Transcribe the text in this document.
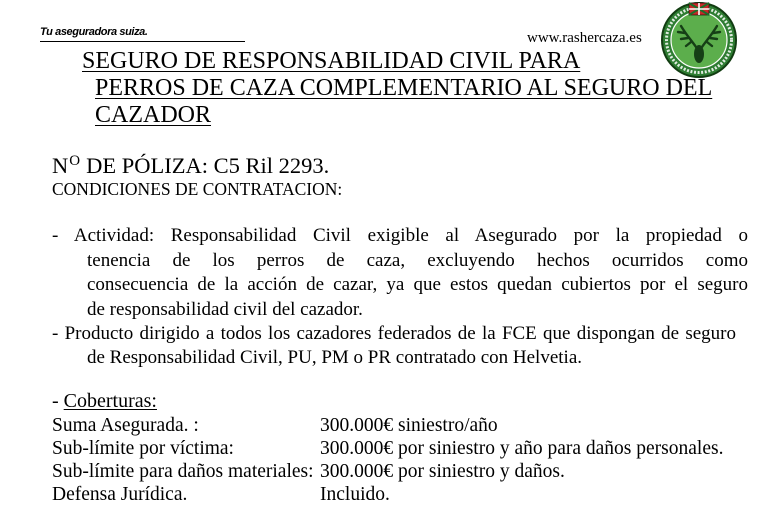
Tu aseguradora suiza.	www.rashercaza.es
SEGURO DE RESPONSABILIDAD CIVIL PARA
PERROS DE CAZA COMPLEMENTARIO AL SEGURO DEL
CAZADOR
NO DE PÓLIZA: C5 Ril 2293.
CONDICIONES DE CONTRATACION:
- Actividad: Responsabilidad Civil exigible al Asegurado por la propiedad o
tenencia de los perros de caza, excluyendo hechos ocurridos como
consecuencia de la acción de cazar, ya que estos quedan cubiertos por el seguro
de responsabilidad civil del cazador.
- Producto dirigido a todos los cazadores federados de la FCE que dispongan de seguro
de Responsabilidad Civil, PU, PM o PR contratado con Helvetia.
- Coberturas:
Suma Asegurada. :	300.000€ siniestro/año
Sub-límite por víctima:	300.000€ por siniestro y año para daños personales.
Sub-límite para daños materiales: 300.000€ por siniestro y daños.
Defensa Jurídica.	Incluido.
